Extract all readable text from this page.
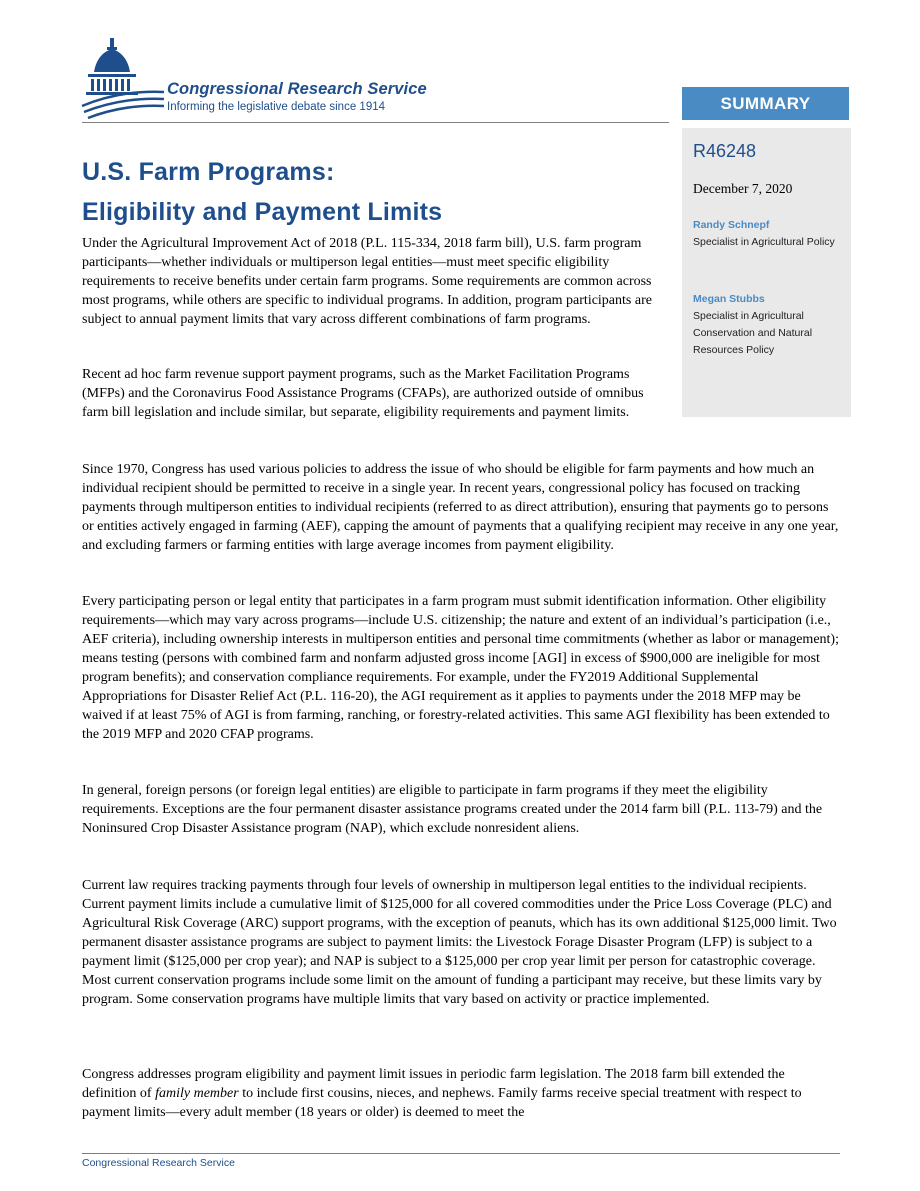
Congressional Research Service
Informing the legislative debate since 1914	SUMMARY
R46248
December 7, 2020
Randy Schnepf
Specialist in Agricultural Policy
Megan Stubbs
Specialist in Agricultural Conservation and Natural Resources Policy
U.S. Farm Programs:
Eligibility and Payment Limits

Under the Agricultural Improvement Act of 2018 (P.L. 115-334, 2018 farm bill), U.S. farm program participants—whether individuals or multiperson legal entities—must meet specific eligibility requirements to receive benefits under certain farm programs. Some requirements are common across most programs, while others are specific to individual programs. In addition, program participants are subject to annual payment limits that vary across different combinations of farm programs.

Recent ad hoc farm revenue support payment programs, such as the Market Facilitation Programs (MFPs) and the Coronavirus Food Assistance Programs (CFAPs), are authorized outside of omnibus farm bill legislation and include similar, but separate, eligibility requirements and payment limits.

Since 1970, Congress has used various policies to address the issue of who should be eligible for farm payments and how much an individual recipient should be permitted to receive in a single year. In recent years, congressional policy has focused on tracking payments through multiperson entities to individual recipients (referred to as direct attribution), ensuring that payments go to persons or entities actively engaged in farming (AEF), capping the amount of payments that a qualifying recipient may receive in any one year, and excluding farmers or farming entities with large average incomes from payment eligibility.

Every participating person or legal entity that participates in a farm program must submit identification information. Other eligibility requirements—which may vary across programs—include U.S. citizenship; the nature and extent of an individual’s participation (i.e., AEF criteria), including ownership interests in multiperson entities and personal time commitments (whether as labor or management); means testing (persons with combined farm and nonfarm adjusted gross income [AGI] in excess of $900,000 are ineligible for most program benefits); and conservation compliance requirements. For example, under the FY2019 Additional Supplemental Appropriations for Disaster Relief Act (P.L. 116-20), the AGI requirement as it applies to payments under the 2018 MFP may be waived if at least 75% of AGI is from farming, ranching, or forestry-related activities. This same AGI flexibility has been extended to the 2019 MFP and 2020 CFAP programs.

In general, foreign persons (or foreign legal entities) are eligible to participate in farm programs if they meet the eligibility requirements. Exceptions are the four permanent disaster assistance programs created under the 2014 farm bill (P.L. 113-79) and the Noninsured Crop Disaster Assistance program (NAP), which exclude nonresident aliens.

Current law requires tracking payments through four levels of ownership in multiperson legal entities to the individual recipients. Current payment limits include a cumulative limit of $125,000 for all covered commodities under the Price Loss Coverage (PLC) and Agricultural Risk Coverage (ARC) support programs, with the exception of peanuts, which has its own additional $125,000 limit. Two permanent disaster assistance programs are subject to payment limits: the Livestock Forage Disaster Program (LFP) is subject to a payment limit ($125,000 per crop year); and NAP is subject to a $125,000 per crop year limit per person for catastrophic coverage. Most current conservation programs include some limit on the amount of funding a participant may receive, but these limits vary by program. Some conservation programs have multiple limits that vary based on activity or practice implemented.

Congress addresses program eligibility and payment limit issues in periodic farm legislation. The 2018 farm bill extended the definition of family member to include first cousins, nieces, and nephews. Family farms receive special treatment with respect to payment limits—every adult member (18 years or older) is deemed to meet the

Congressional Research Service
